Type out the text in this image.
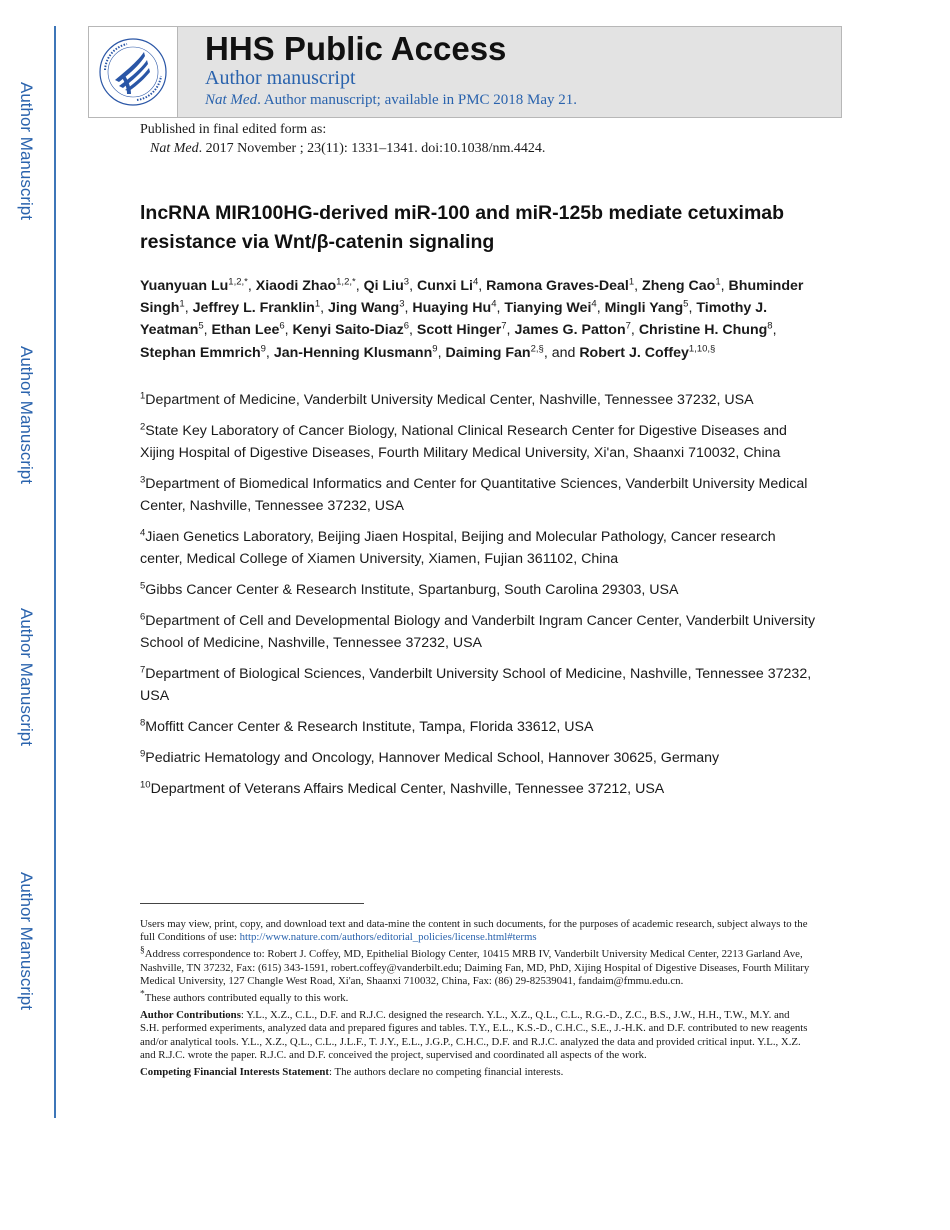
Author Manuscript
Author Manuscript
Author Manuscript
Author Manuscript
HHS Public Access
Author manuscript
Nat Med. Author manuscript; available in PMC 2018 May 21.
Published in final edited form as:
Nat Med. 2017 November ; 23(11): 1331–1341. doi:10.1038/nm.4424.
lncRNA MIR100HG-derived miR-100 and miR-125b mediate cetuximab resistance via Wnt/β-catenin signaling
Yuanyuan $Lu^{1,2,*}$, Xiaodi Zhao$^{1,2,*}$, Qi Liu$^3$, Cunxi Li$^4$, Ramona Graves-Deal$^1$, Zheng Cao$^1$, Bhuminder Singh$^1$, Jeffrey L. Franklin$^1$, Jing Wang$^3$, Huaying Hu$^4$, Tianying Wei$^4$, Mingli Yang$^5$, Timothy J. Yeatman$^5$, Ethan Lee$^6$, Kenyi Saito-Diaz$^6$, Scott Hinger$^7$, James G. Patton$^7$, Christine H. Chung$^8$, Stephan Emmrich$^9$, Jan-Henning Klusmann$^9$, Daiming Fan$^{2,\S}$, and Robert J. Coffey$^{1,10,\S}$

$^1$Department of Medicine, Vanderbilt University Medical Center, Nashville, Tennessee 37232, USA

$^2$State Key Laboratory of Cancer Biology, National Clinical Research Center for Digestive Diseases and Xijing Hospital of Digestive Diseases, Fourth Military Medical University, Xi'an, Shaanxi 710032, China

$^3$Department of Biomedical Informatics and Center for Quantitative Sciences, Vanderbilt University Medical Center, Nashville, Tennessee 37232, USA

$^4$Jiaen Genetics Laboratory, Beijing Jiaen Hospital, Beijing and Molecular Pathology, Cancer research center, Medical College of Xiamen University, Xiamen, Fujian 361102, China

$^5$Gibbs Cancer Center & Research Institute, Spartanburg, South Carolina 29303, USA

$^6$Department of Cell and Developmental Biology and Vanderbilt Ingram Cancer Center, Vanderbilt University School of Medicine, Nashville, Tennessee 37232, USA

$^7$Department of Biological Sciences, Vanderbilt University School of Medicine, Nashville, Tennessee 37232, USA

$^8$Moffitt Cancer Center & Research Institute, Tampa, Florida 33612, USA

$^9$Pediatric Hematology and Oncology, Hannover Medical School, Hannover 30625, Germany

$^{10}$Department of Veterans Affairs Medical Center, Nashville, Tennessee 37212, USA

Users may view, print, copy, and download text and data-mine the content in such documents, for the purposes of academic research, subject always to the full Conditions of use: http://www.nature.com/authors/editorial_policies/license.html#terms

§Address correspondence to: Robert J. Coffey, MD, Epithelial Biology Center, 10415 MRB IV, Vanderbilt University Medical Center, 2213 Garland Ave, Nashville, TN 37232, Fax: (615) 343-1591, robert.coffey@vanderbilt.edu; Daiming Fan, MD, PhD, Xijing Hospital of Digestive Diseases, Fourth Military Medical University, 127 Changle West Road, Xi'an, Shaanxi 710032, China, Fax: (86) 29-82539041, fandaim@fmmu.edu.cn.

*These authors contributed equally to this work.

Author Contributions: Y.L., X.Z., C.L., D.F. and R.J.C. designed the research. Y.L., X.Z., Q.L., C.L., R.G.-D., Z.C., B.S., J.W., H.H., T.W., M.Y. and S.H. performed experiments, analyzed data and prepared figures and tables. T.Y., E.L., K.S.-D., C.H.C., S.E., J.-H.K. and D.F. contributed to new reagents and/or analytical tools. Y.L., X.Z., Q.L., C.L., J.L.F., T. J.Y., E.L., J.G.P., C.H.C., D.F. and R.J.C. analyzed the data and provided critical input. Y.L., X.Z. and R.J.C. wrote the paper. R.J.C. and D.F. conceived the project, supervised and coordinated all aspects of the work.

Competing Financial Interests Statement: The authors declare no competing financial interests.
